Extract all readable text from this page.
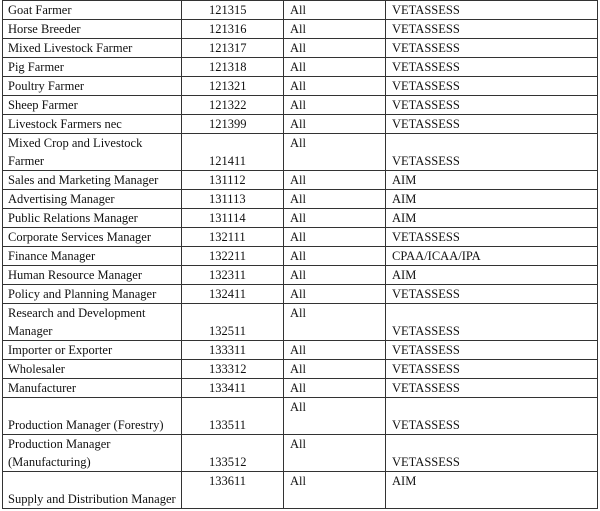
Goat Farmer	121315	All	VETASSESS
Horse Breeder	121316	All	VETASSESS
Mixed Livestock Farmer	121317	All	VETASSESS
Pig Farmer	121318	All	VETASSESS
Poultry Farmer	121321	All	VETASSESS
Sheep Farmer	121322	All	VETASSESS
Livestock Farmers nec	121399	All	VETASSESS
Mixed Crop and Livestock Farmer	121411	All	VETASSESS
Sales and Marketing Manager	131112	All	AIM
Advertising Manager	131113	All	AIM
Public Relations Manager	131114	All	AIM
Corporate Services Manager	132111	All	VETASSESS
Finance Manager	132211	All	CPAA/ICAA/IPA
Human Resource Manager	132311	All	AIM
Policy and Planning Manager	132411	All	VETASSESS
Research and Development Manager	132511	All	VETASSESS
Importer or Exporter	133311	All	VETASSESS
Wholesaler	133312	All	VETASSESS
Manufacturer	133411	All	VETASSESS
Production Manager (Forestry)	133511	All	VETASSESS
Production Manager (Manufacturing)	133512	All	VETASSESS
Supply and Distribution Manager	133611	All	AIM
